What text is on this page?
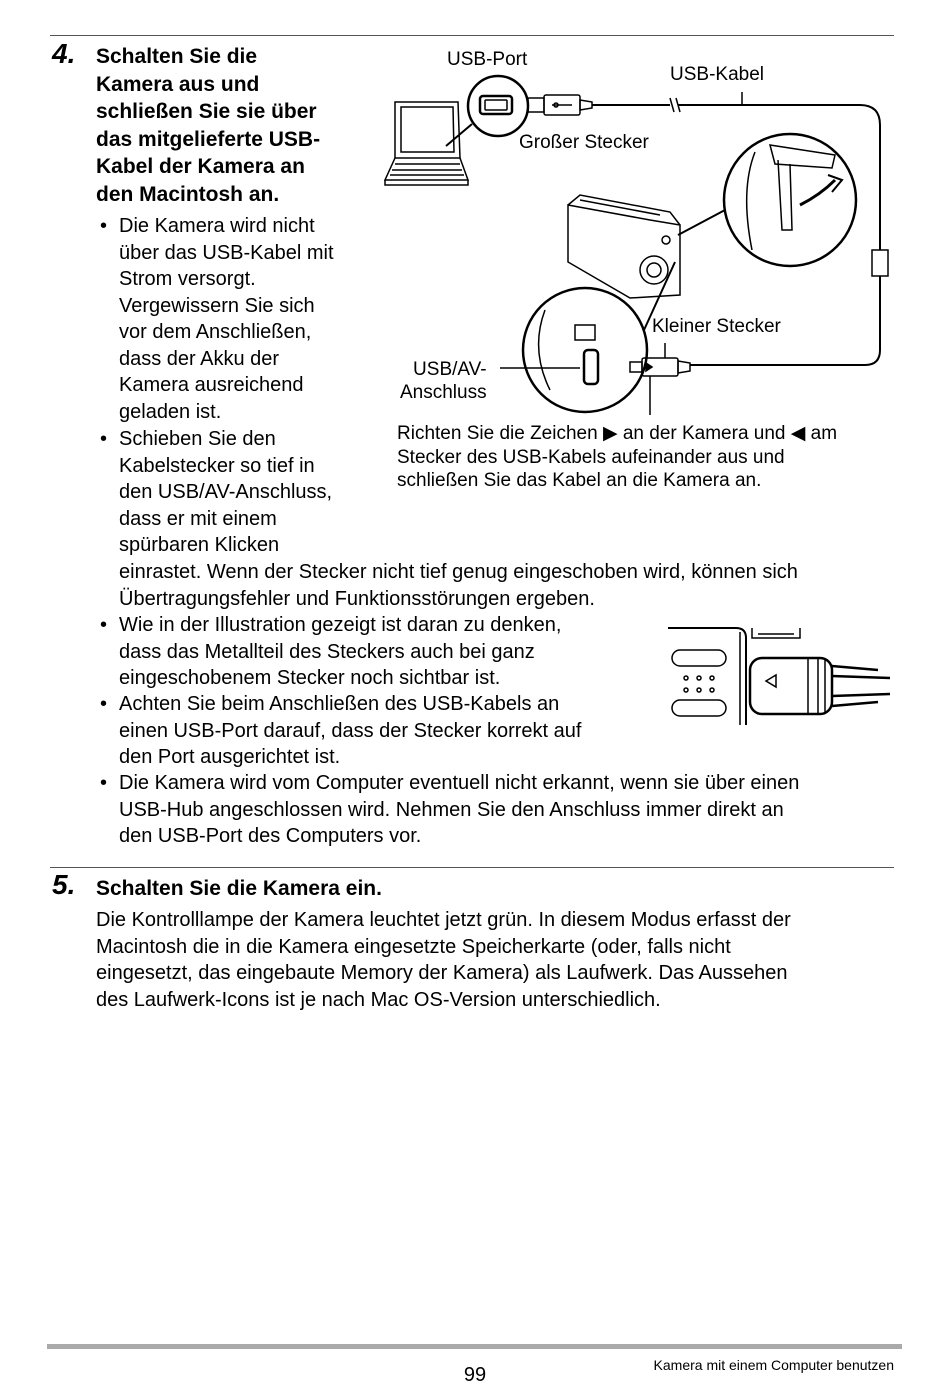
4. Schalten Sie die
Kamera aus und
schließen Sie sie über
das mitgelieferte USB-
Kabel der Kamera an
den Macintosh an.
• Die Kamera wird nicht
über das USB-Kabel mit
Strom versorgt.
Vergewissern Sie sich
vor dem Anschließen,
dass der Akku der
Kamera ausreichend
geladen ist.
• Schieben Sie den
Kabelstecker so tief in
den USB/AV-Anschluss,
dass er mit einem
spürbaren Klicken
einrastet. Wenn der Stecker nicht tief genug eingeschoben wird, können sich
Übertragungsfehler und Funktionsstörungen ergeben.
• Wie in der Illustration gezeigt ist daran zu denken,
dass das Metallteil des Steckers auch bei ganz
eingeschobenem Stecker noch sichtbar ist.
• Achten Sie beim Anschließen des USB-Kabels an
einen USB-Port darauf, dass der Stecker korrekt auf
den Port ausgerichtet ist.
• Die Kamera wird vom Computer eventuell nicht erkannt, wenn sie über einen
USB-Hub angeschlossen wird. Nehmen Sie den Anschluss immer direkt an
den USB-Port des Computers vor.
USB-Port
USB-Kabel
Großer Stecker
Kleiner Stecker
USB/AV-
Anschluss
Richten Sie die Zeichen ▶ an der Kamera und ◀ am
Stecker des USB-Kabels aufeinander aus und
schließen Sie das Kabel an die Kamera an.
5. Schalten Sie die Kamera ein.
Die Kontrolllampe der Kamera leuchtet jetzt grün. In diesem Modus erfasst der
Macintosh die in die Kamera eingesetzte Speicherkarte (oder, falls nicht
eingesetzt, das eingebaute Memory der Kamera) als Laufwerk. Das Aussehen
des Laufwerk-Icons ist je nach Mac OS-Version unterschiedlich.
99	Kamera mit einem Computer benutzen
